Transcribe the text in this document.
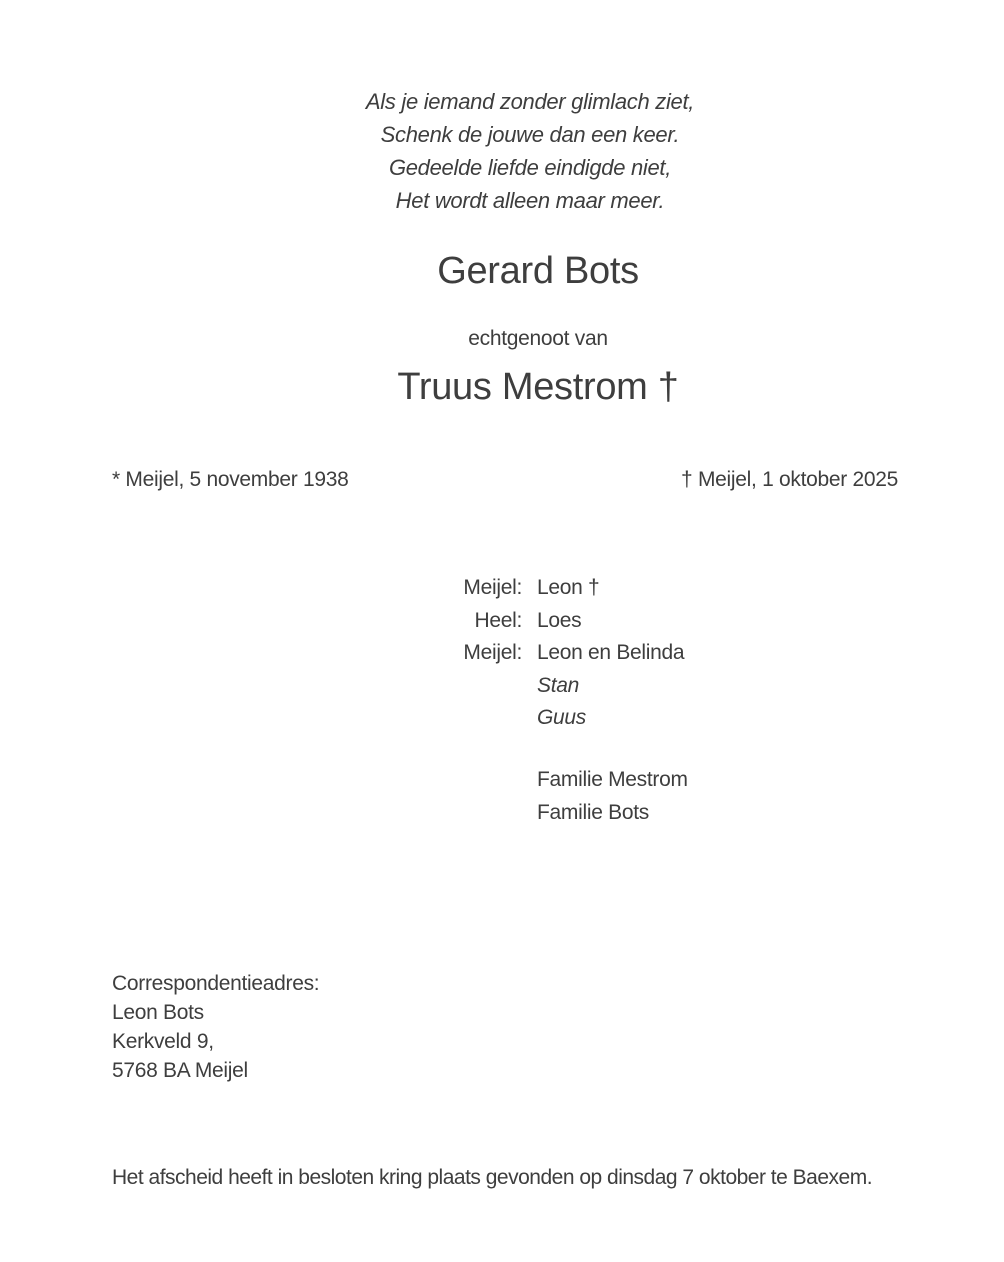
Als je iemand zonder glimlach ziet,
Schenk de jouwe dan een keer.
Gedeelde liefde eindigde niet,
Het wordt alleen maar meer.
Gerard Bots
echtgenoot van
Truus Mestrom †
* Meijel, 5 november 1938	† Meijel, 1 oktober 2025
Meijel: Leon †
Heel: Loes
Meijel: Leon en Belinda
Stan
Guus
Familie Mestrom
Familie Bots
Correspondentieadres:
Leon Bots
Kerkveld 9,
5768 BA Meijel
Het afscheid heeft in besloten kring plaats gevonden op dinsdag 7 oktober te Baexem.
